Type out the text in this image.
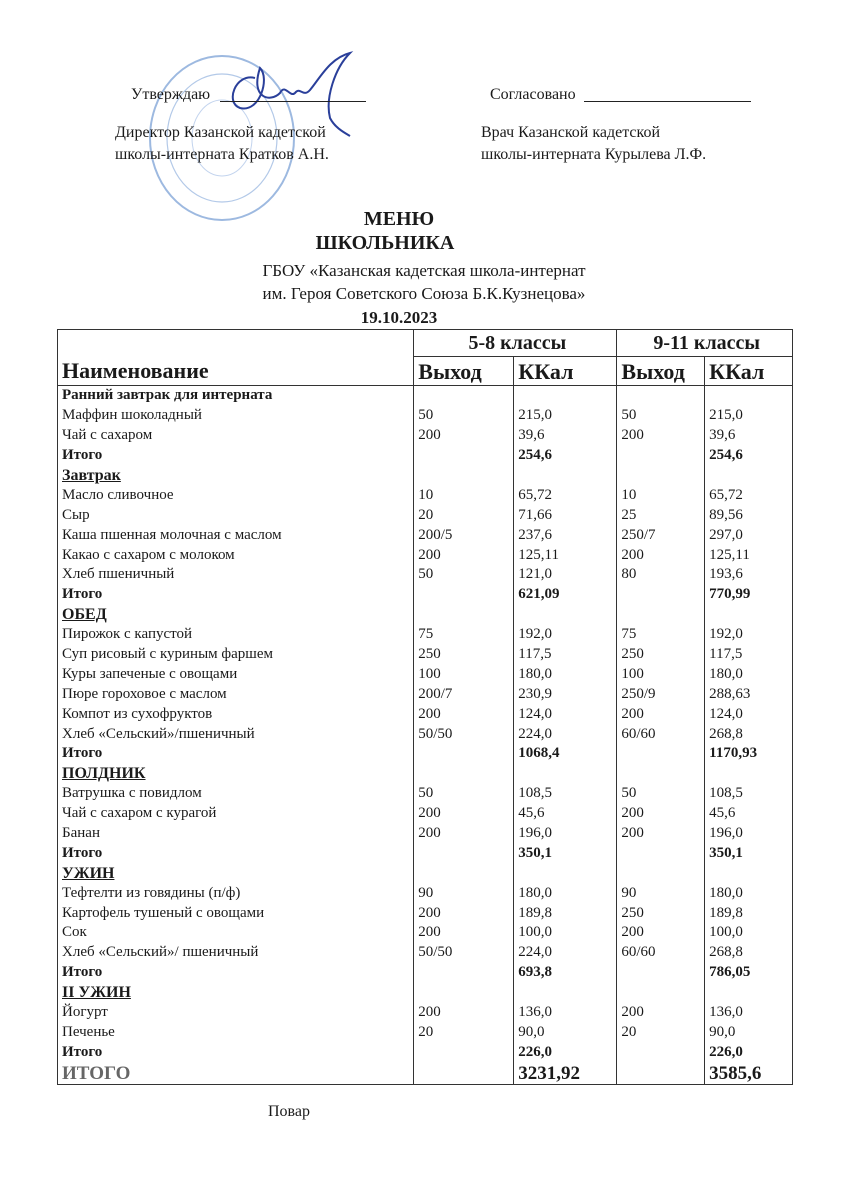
Утверждаю
Директор Казанской кадетской
школы-интерната Кратков А.Н.
Согласовано
Врач Казанской кадетской
школы-интерната Курылева Л.Ф.
МЕНЮ
ШКОЛЬНИКА
ГБОУ «Казанская кадетская школа-интернат
им. Героя Советского Союза Б.К.Кузнецова»
19.10.2023
	5-8 классы		9-11 классы	
Наименование	Выход	ККал	Выход	ККал
Ранний завтрак для интерната				
Маффин шоколадный	50	215,0	50	215,0
Чай с сахаром	200	39,6	200	39,6
Итого		254,6		254,6
Завтрак				
Масло сливочное	10	65,72	10	65,72
Сыр	20	71,66	25	89,56
Каша пшенная молочная с маслом	200/5	237,6	250/7	297,0
Какао с сахаром с молоком	200	125,11	200	125,11
Хлеб пшеничный	50	121,0	80	193,6
Итого		621,09		770,99
ОБЕД				
Пирожок с капустой	75	192,0	75	192,0
Суп рисовый с куриным фаршем	250	117,5	250	117,5
Куры запеченые с овощами	100	180,0	100	180,0
Пюре гороховое с маслом	200/7	230,9	250/9	288,63
Компот из сухофруктов	200	124,0	200	124,0
Хлеб «Сельский»/пшеничный	50/50	224,0	60/60	268,8
Итого		1068,4		1170,93
ПОЛДНИК				
Ватрушка с повидлом	50	108,5	50	108,5
Чай с сахаром с курагой	200	45,6	200	45,6
Банан	200	196,0	200	196,0
Итого		350,1		350,1
УЖИН				
Тефтелти из говядины (п/ф)	90	180,0	90	180,0
Картофель тушеный с овощами	200	189,8	250	189,8
Сок	200	100,0	200	100,0
Хлеб «Сельский»/ пшеничный	50/50	224,0	60/60	268,8
Итого		693,8		786,05
II УЖИН				
Йогурт	200	136,0	200	136,0
Печенье	20	90,0	20	90,0
Итого		226,0		226,0
ИТОГО		3231,92		3585,6
Повар
